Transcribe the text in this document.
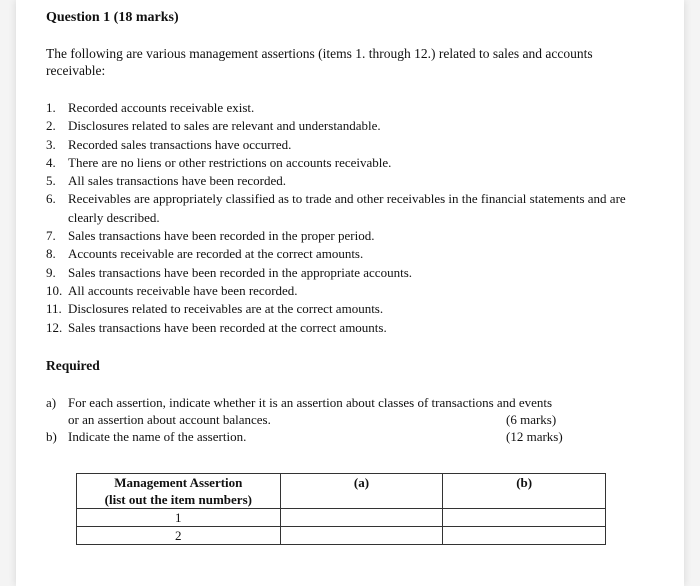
Question 1 (18 marks)
The following are various management assertions (items 1. through 12.) related to sales and accounts receivable:
1. Recorded accounts receivable exist.
2. Disclosures related to sales are relevant and understandable.
3. Recorded sales transactions have occurred.
4. There are no liens or other restrictions on accounts receivable.
5. All sales transactions have been recorded.
6. Receivables are appropriately classified as to trade and other receivables in the financial statements and are clearly described.
7. Sales transactions have been recorded in the proper period.
8. Accounts receivable are recorded at the correct amounts.
9. Sales transactions have been recorded in the appropriate accounts.
10. All accounts receivable have been recorded.
11. Disclosures related to receivables are at the correct amounts.
12. Sales transactions have been recorded at the correct amounts.
Required
a) For each assertion, indicate whether it is an assertion about classes of transactions and events
or an assertion about account balances.	(6 marks)
b) Indicate the name of the assertion.	(12 marks)
Management Assertion
(list out the item numbers)	(a)	(b)
1		
2		
